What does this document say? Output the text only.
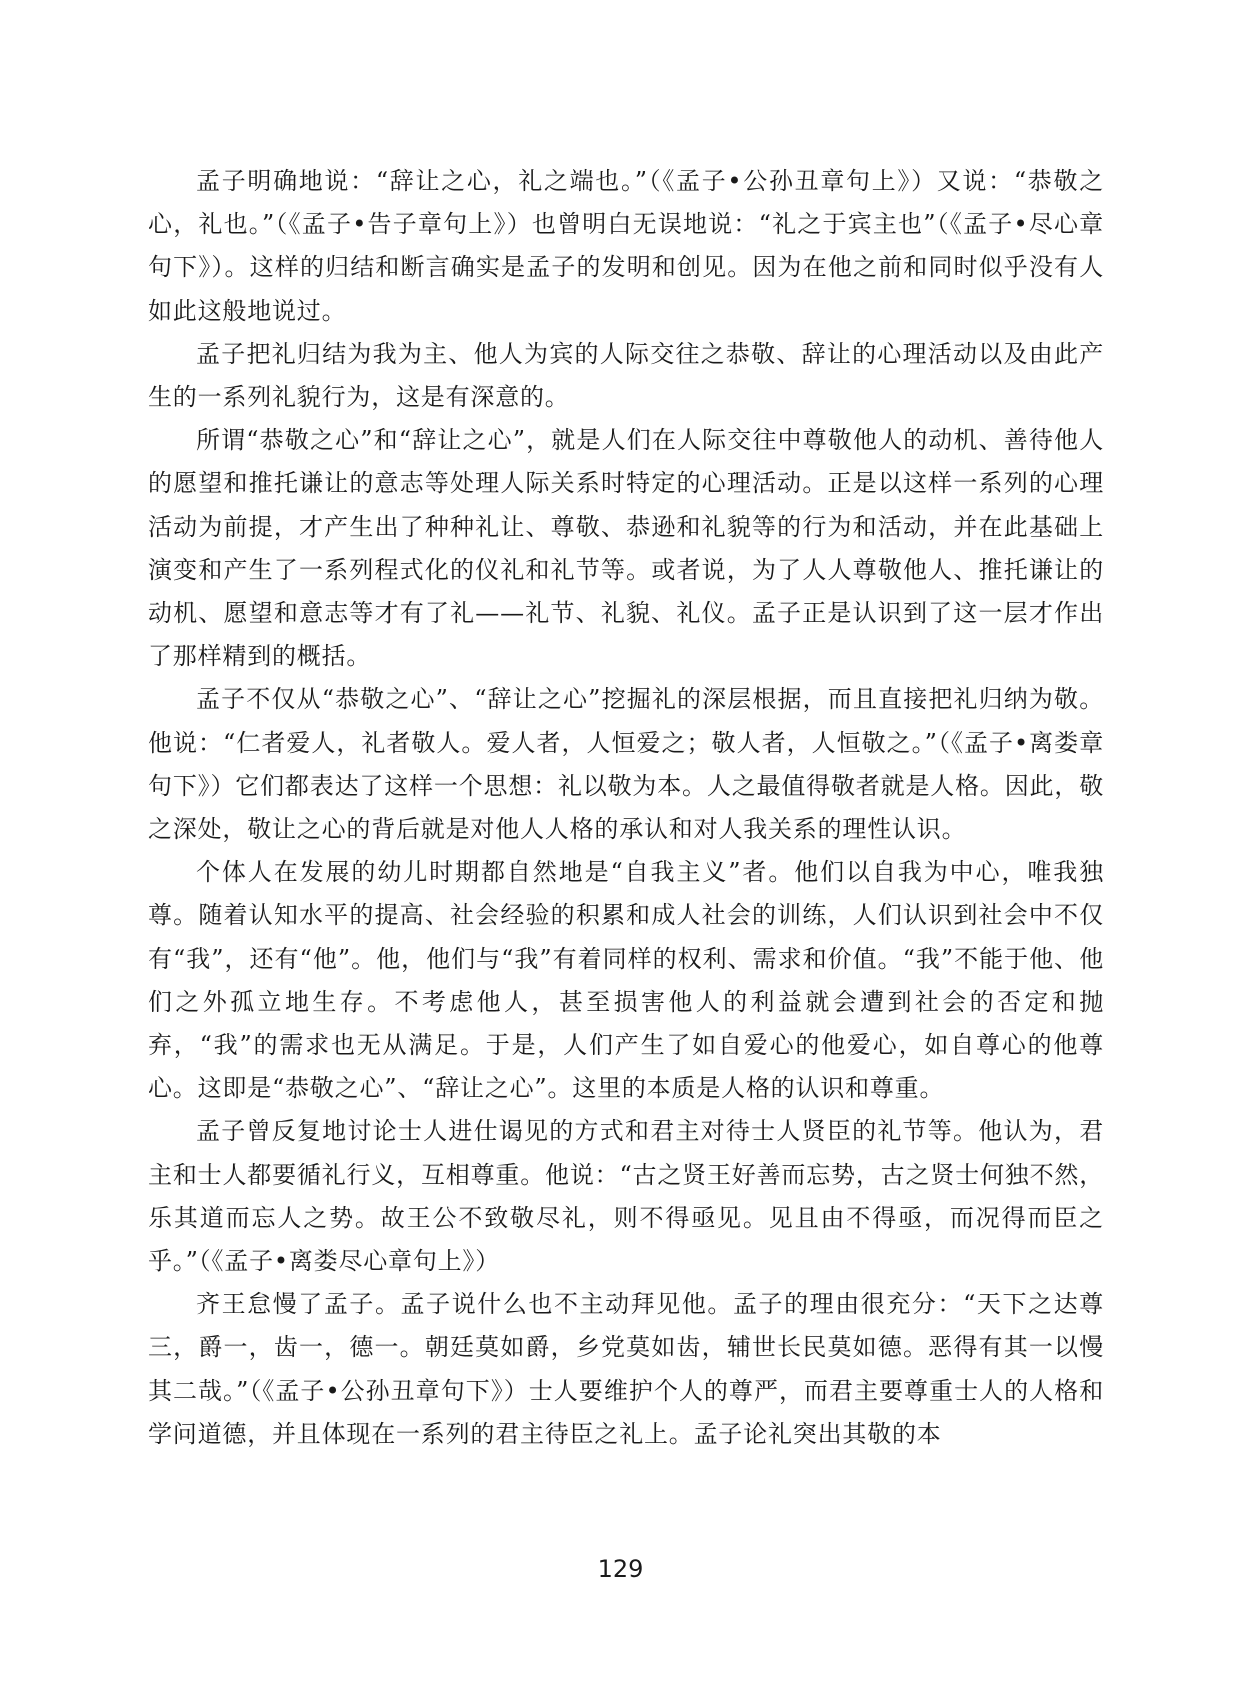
孟子明确地说：“辞让之心，礼之端也。”（《孟子•公孙丑章句上》）又说：“恭敬之心，礼也。”（《孟子•告子章句上》）也曾明白无误地说：“礼之于宾主也”（《孟子•尽心章句下》）。这样的归结和断言确实是孟子的发明和创见。因为在他之前和同时似乎没有人如此这般地说过。

孟子把礼归结为我为主、他人为宾的人际交往之恭敬、辞让的心理活动以及由此产生的一系列礼貌行为，这是有深意的。

所谓“恭敬之心”和“辞让之心”，就是人们在人际交往中尊敬他人的动机、善待他人的愿望和推托谦让的意志等处理人际关系时特定的心理活动。正是以这样一系列的心理活动为前提，才产生出了种种礼让、尊敬、恭逊和礼貌等的行为和活动，并在此基础上演变和产生了一系列程式化的仪礼和礼节等。或者说，为了人人尊敬他人、推托谦让的动机、愿望和意志等才有了礼——礼节、礼貌、礼仪。孟子正是认识到了这一层才作出了那样精到的概括。

孟子不仅从“恭敬之心”、“辞让之心”挖掘礼的深层根据，而且直接把礼归纳为敬。他说：“仁者爱人，礼者敬人。爱人者，人恒爱之；敬人者，人恒敬之。”（《孟子•离娄章句下》）它们都表达了这样一个思想：礼以敬为本。人之最值得敬者就是人格。因此，敬之深处，敬让之心的背后就是对他人人格的承认和对人我关系的理性认识。

个体人在发展的幼儿时期都自然地是“自我主义”者。他们以自我为中心，唯我独尊。随着认知水平的提高、社会经验的积累和成人社会的训练，人们认识到社会中不仅有“我”，还有“他”。他，他们与“我”有着同样的权利、需求和价值。“我”不能于他、他们之外孤立地生存。不考虑他人，甚至损害他人的利益就会遭到社会的否定和抛弃，“我”的需求也无从满足。于是，人们产生了如自爱心的他爱心，如自尊心的他尊心。这即是“恭敬之心”、“辞让之心”。这里的本质是人格的认识和尊重。

孟子曾反复地讨论士人进仕谒见的方式和君主对待士人贤臣的礼节等。他认为，君主和士人都要循礼行义，互相尊重。他说：“古之贤王好善而忘势，古之贤士何独不然，乐其道而忘人之势。故王公不致敬尽礼，则不得亟见。见且由不得亟，而况得而臣之乎。”（《孟子•离娄尽心章句上》）

齐王怠慢了孟子。孟子说什么也不主动拜见他。孟子的理由很充分：“天下之达尊三，爵一，齿一，德一。朝廷莫如爵，乡党莫如齿，辅世长民莫如德。恶得有其一以慢其二哉。”（《孟子•公孙丑章句下》）士人要维护个人的尊严，而君主要尊重士人的人格和学问道德，并且体现在一系列的君主待臣之礼上。孟子论礼突出其敬的本

129
